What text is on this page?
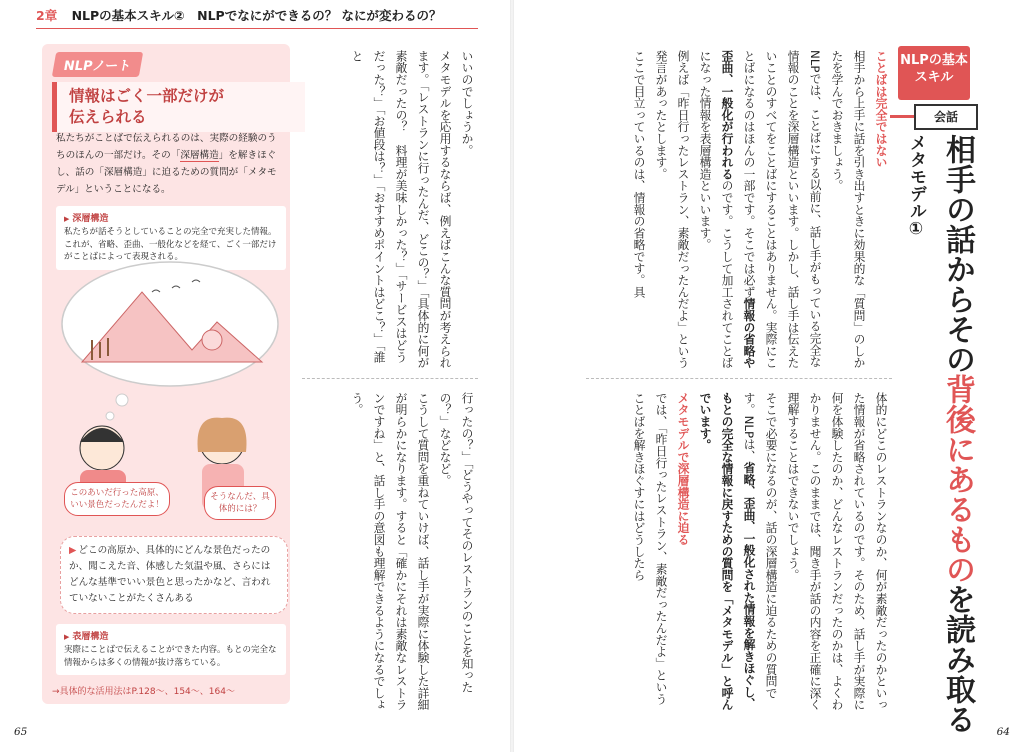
2章 NLPの基本スキル②　NLPでなにができるの？ なにが変わるの？
NLPノート
情報はごく一部だけが
伝えられる
私たちがことばで伝えられるのは、実際の経験のうちのほんの一部だけ。その「深層構造」を解きほぐし、話の「深層構造」に迫るための質問が「メタモデル」ということになる。
▶ 深層構造
私たちが話そうとしていることの完全で充実した情報。これが、省略、歪曲、一般化などを経て、ごく一部だけがことばによって表現される。
▶ 表層構造
実際にことばで伝えることができた内容。もとの完全な情報からは多くの情報が抜け落ちている。
このあいだ行った高原、いい景色だったんだよ！
そうなんだ、具体的には？
▶ どこの高原か、具体的にどんな景色だったのか、聞こえた音、体感した気温や風、さらにはどんな基準でいい景色と思ったかなど、言われていないことがたくさんある
→具体的な活用法はP.128～、154～、164～

いいのでしょうか。

メタモデルを応用するならば、例えばこんな質問が考えられます。「レストランに行ったんだ、どこの？」「具体的に何が素敵だったの？　料理が美味しかった？」「サービスはどうだった？」「お値段は？」「おすすめポイントはどこ？」「誰と

行ったの？」「どうやってそのレストランのことを知ったの？」などなど。

こうして質問を重ねていけば、話し手が実際に体験した詳細が明らかになります。すると「確かにそれは素敵なレストランですね」と、話し手の意図も理解できるようになるでしょう。

NLPの基本スキル
会話
メタモデル① 相手の話からその背後にあるものを読み取る

ことばは完全ではない

相手から上手に話を引き出すときに効果的な「質問」のしかたを学んでおきましょう。

NLPでは、ことばにする以前に、話し手がもっている完全な情報のことを深層構造といいます。しかし、話し手は伝えたいことのすべてをことばにすることはありません。実際にことばになるのはほんの一部です。そこでは必ず情報の省略や歪曲、一般化が行われるのです。こうして加工されてことばになった情報を表層構造といいます。

例えば「昨日行ったレストラン、素敵だったんだよ」という発言があったとします。

ここで目立っているのは、情報の省略です。具

体的にどこのレストランなのか、何が素敵だったのかといった情報が省略されているのです。そのため、話し手が実際に何を体験したのか、どんなレストランだったのかは、よくわかりません。このままでは、聞き手が話の内容を正確に深く理解することはできないでしょう。

そこで必要になるのが、話の深層構造に迫るための質問です。NLPは、省略、歪曲、一般化された情報を解きほぐし、もとの完全な情報に戻すための質問を「メタモデル」と呼んでいます。

メタモデルで深層構造に迫る

では、「昨日行ったレストラン、素敵だったんだよ」ということばを解きほぐすにはどうしたら

65	64
